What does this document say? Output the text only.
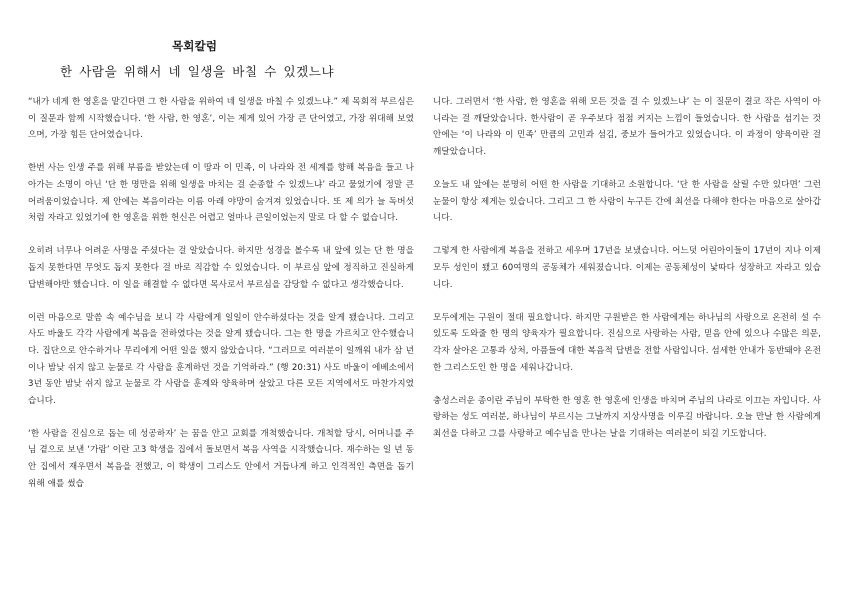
목회칼럼
한 사람을 위해서 네 일생을 바칠 수 있겠느냐

“내가 네게 한 영혼을 맡긴다면 그 한 사람을 위하여 네 일생을 바칠 수 있겠느냐.” 제 목회적 부르심은 이 질문과 함께 시작했습니다. ‘한 사람, 한 영혼’, 이는 제게 있어 가장 큰 단어였고, 가장 위대해 보였으며, 가장 힘든 단어였습니다.

한번 사는 인생 주를 위해 부름을 받았는데 이 땅과 이 민족, 이 나라와 전 세계를 향해 복음을 들고 나아가는 소명이 아닌 ‘단 한 명만을 위해 일생을 바치는 걸 순종할 수 있겠느냐’ 라고 물었기에 정말 큰 어려움이었습니다. 제 안에는 복음이라는 이름 아래 야망이 숨겨져 있었습니다. 또 제 의가 늘 독버섯처럼 자라고 있었기에 한 영혼을 위한 헌신은 어렵고 얼마나 큰일이었는지 말로 다 할 수 없습니다.

오히려 너무나 어려운 사명을 주셨다는 걸 알았습니다. 하지만 성경을 볼수록 내 앞에 있는 단 한 명을 돕지 못한다면 무엇도 돕지 못한다 걸 바로 직감할 수 있었습니다. 이 부르심 앞에 정직하고 진실하게 답변해야만 했습니다. 이 일을 해결할 수 없다면 목사로서 부르심을 감당할 수 없다고 생각했습니다.

이런 마음으로 말씀 속 예수님을 보니 각 사람에게 일일이 안수하셨다는 것을 알게 됐습니다. 그리고 사도 바울도 각각 사람에게 복음을 전하였다는 것을 알게 됐습니다. 그는 한 명을 가르치고 안수했습니다. 집단으로 안수하거나 무리에게 어떤 일을 했지 않았습니다. “그러므로 여러분이 일깨워 내가 삼 년이나 밤낮 쉬지 않고 눈물로 각 사람을 훈계하던 것을 기억하라.” (행 20:31) 사도 바울이 에베소에서 3년 동안 밤낮 쉬지 않고 눈물로 각 사람을 훈계와 양육하며 살았고 다른 모든 지역에서도 마찬가지였습니다.

‘한 사람을 진심으로 돕는 데 성공하자’ 는 꿈을 안고 교회를 개척했습니다. 개척할 당시, 어머니를 주님 곁으로 보낸 ‘가람’ 이란 고3 학생을 집에서 돌보면서 복음 사역을 시작했습니다. 재수하는 일 년 동안 집에서 재우면서 복음을 전했고, 이 학생이 그리스도 안에서 거듭나게 하고 인격적인 측면을 돕기 위해 애를 썼습

니다. 그러면서 ‘한 사람, 한 영혼을 위해 모든 것을 걸 수 있겠느냐’ 는 이 질문이 결코 작은 사역이 아니라는 걸 깨달았습니다. 한사람이 곧 우주보다 점점 커지는 느낌이 들었습니다. 한 사람을 섬기는 것 안에는 ‘이 나라와 이 민족’ 만큼의 고민과 섬김, 중보가 들어가고 있었습니다. 이 과정이 양육이란 걸 깨달았습니다.

오늘도 내 앞에는 분명히 어떤 한 사람을 기대하고 소원합니다. ‘단 한 사람을 살릴 수만 있다면’ 그런 눈물이 항상 제게는 있습니다. 그리고 그 한 사람이 누구든 간에 최선을 다해야 한다는 마음으로 살아갑니다.

그렇게 한 사람에게 복음을 전하고 세우며 17년을 보냈습니다. 어느덧 어린아이들이 17년이 지나 이제 모두 성인이 됐고 60여명의 공동체가 세워졌습니다. 이제는 공동체성이 낯따다 성장하고 자라고 있습니다.

모두에게는 구원이 절대 필요합니다. 하지만 구원받은 한 사람에게는 하나님의 사랑으로 온전히 설 수 있도록 도와줄 한 명의 양육자가 필요합니다. 진심으로 사랑하는 사람, 믿음 안에 있으나 수많은 의문, 각자 살아온 고통과 상처, 아픔들에 대한 복음적 답변을 전할 사람입니다. 섬세한 안내가 동반돼야 온전한 그리스도인 한 명을 세워나갑니다.

충성스러운 종이란 주님이 부탁한 한 영혼 한 영혼에 인생을 바치며 주님의 나라로 이끄는 자입니다. 사랑하는 성도 여러분, 하나님이 부르시는 그날까지 지상사명을 이루길 바랍니다. 오늘 만날 한 사람에게 최선을 다하고 그를 사랑하고 예수님을 만나는 날을 기대하는 여러분이 되길 기도합니다.
